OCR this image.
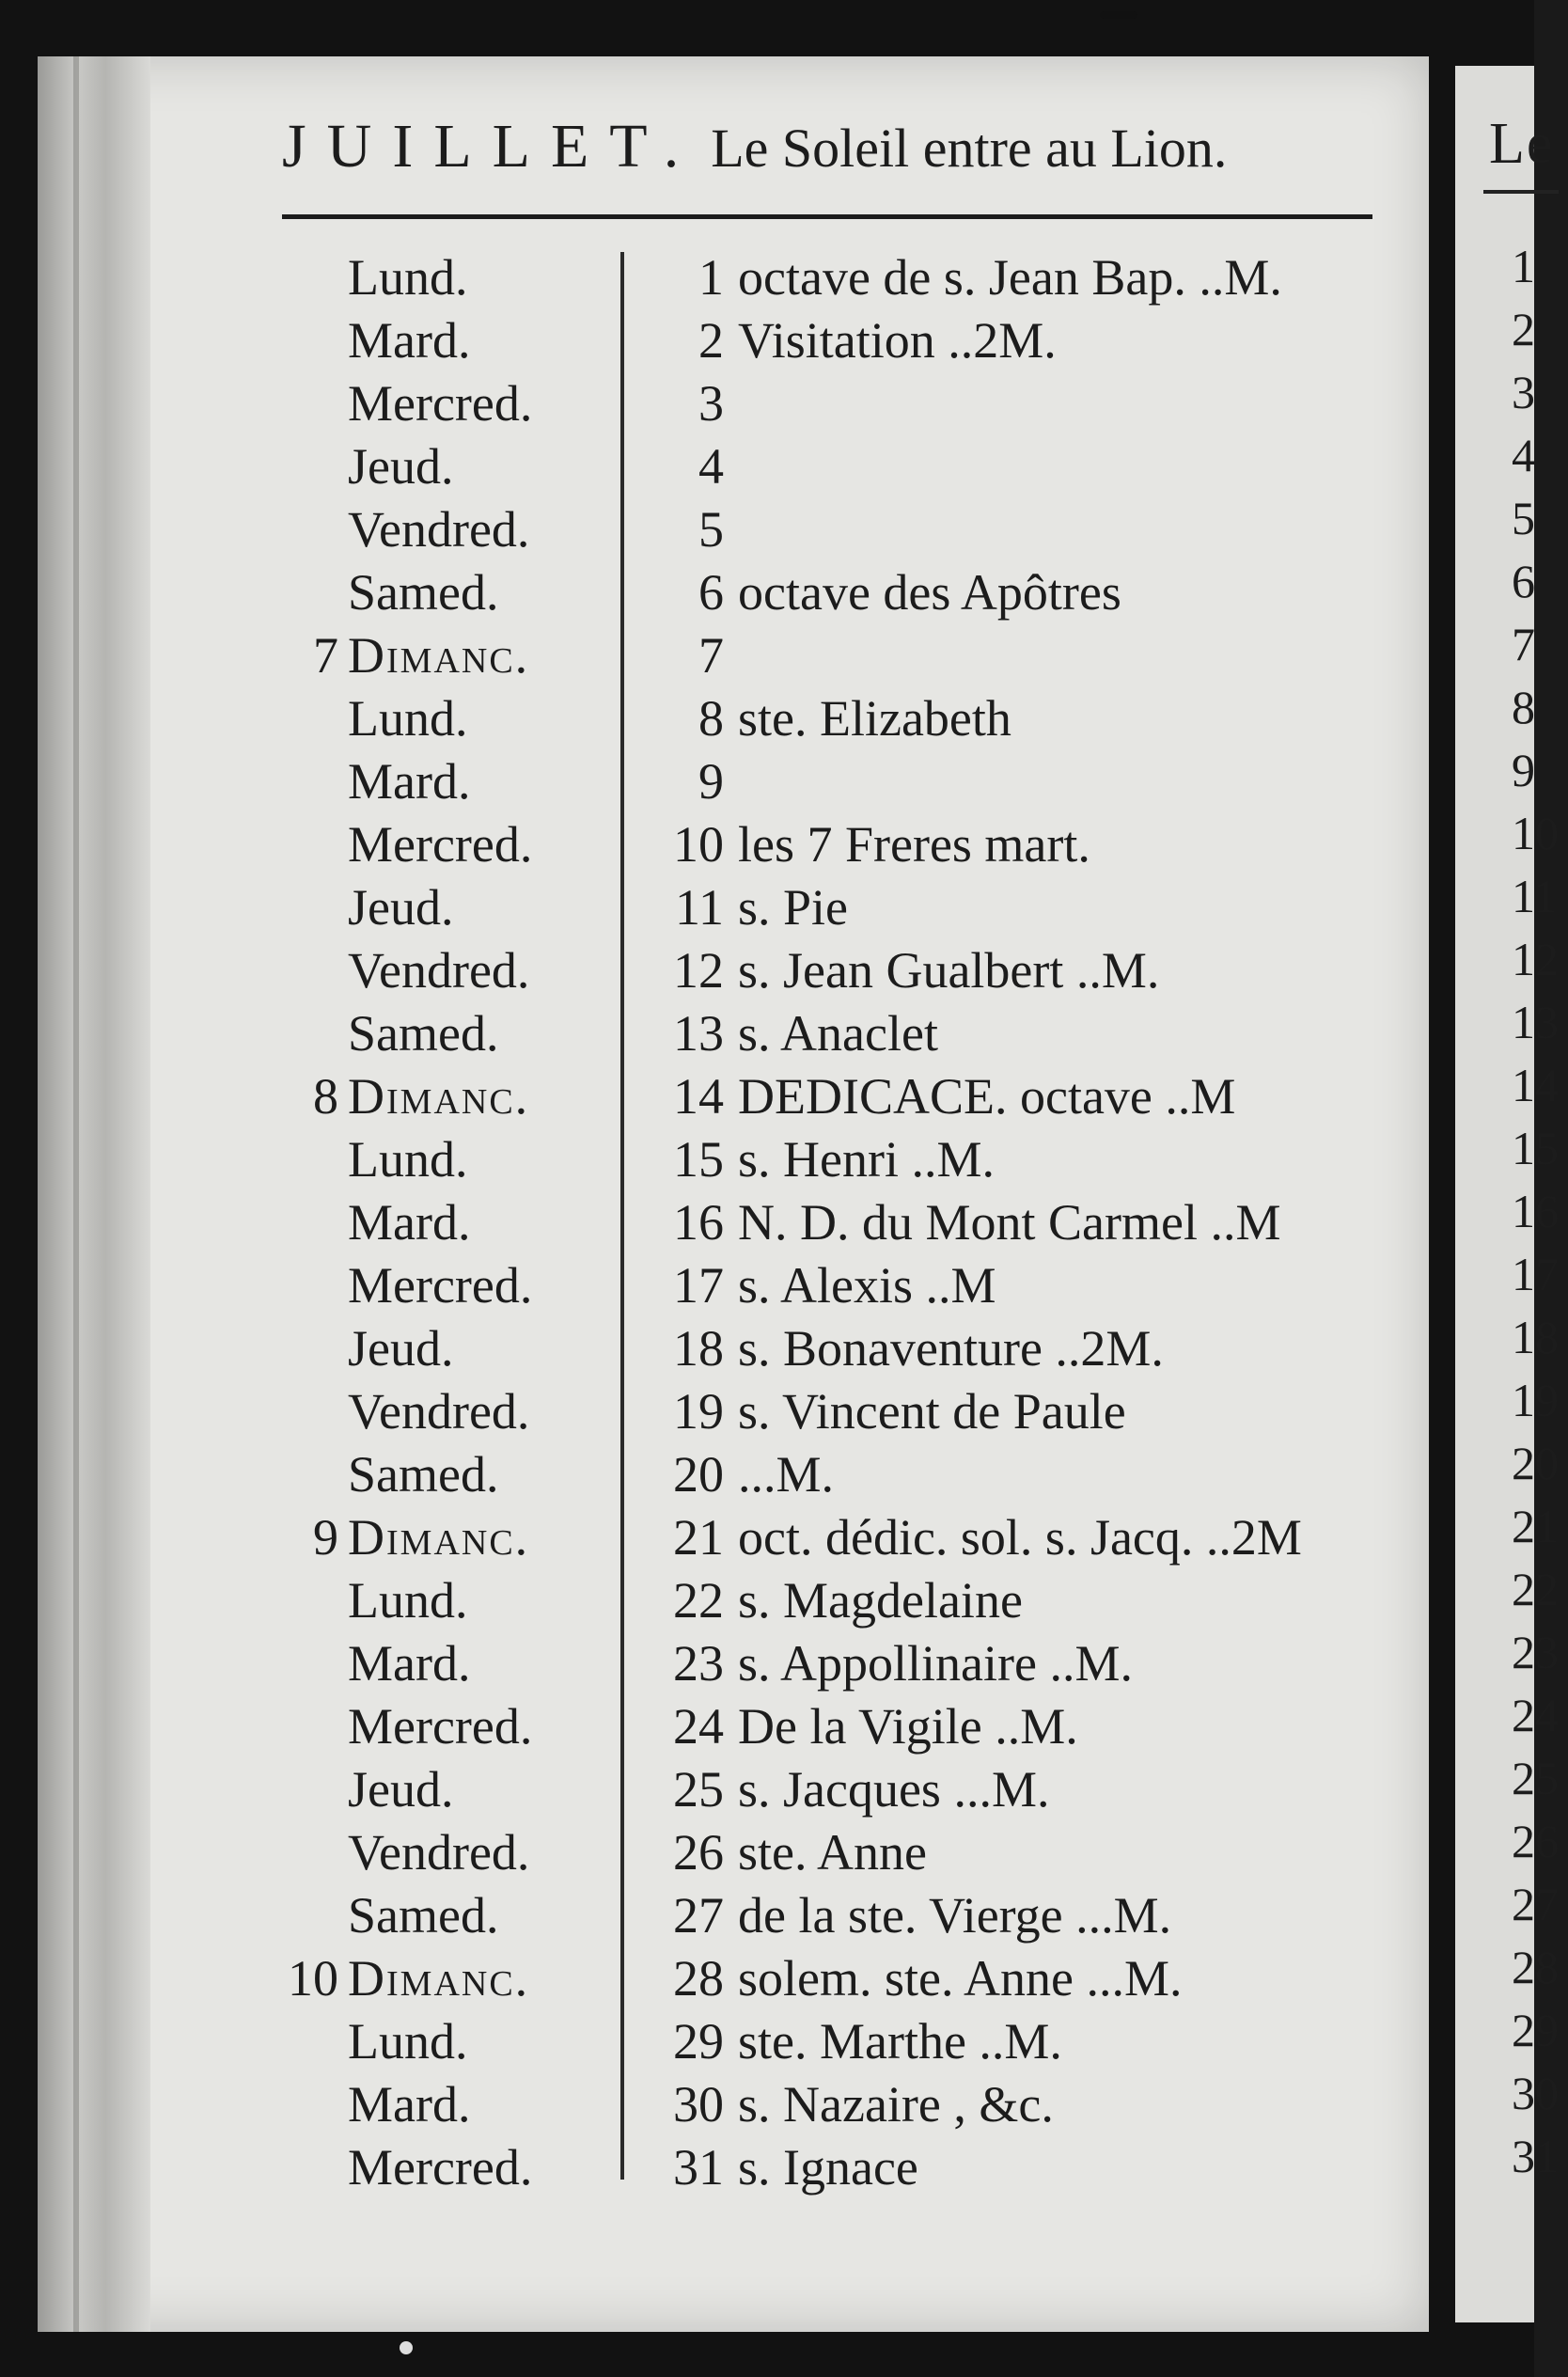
JUILLET. Le Soleil entre au Lion.
Lund.	1 octave de s. Jean Bap. ..M.
Mard.	2 Visitation ..2M.
Mercred.	3
Jeud.	4
Vendred.	5
Samed.	6 octave des Apôtres
7 Dimanc.	7
Lund.	8 ste. Elizabeth
Mard.	9
Mercred.	10 les 7 Freres mart.
Jeud.	11 s. Pie
Vendred.	12 s. Jean Gualbert ..M.
Samed.	13 s. Anaclet
8 Dimanc.	14 DEDICACE. octave ..M
Lund.	15 s. Henri ..M.
Mard.	16 N. D. du Mont Carmel ..M
Mercred.	17 s. Alexis ..M
Jeud.	18 s. Bonaventure ..2M.
Vendred.	19 s. Vincent de Paule
Samed.	20 ...M.
9 Dimanc.	21 oct. dédic. sol. s. Jacq. ..2M
Lund.	22 s. Magdelaine
Mard.	23 s. Appollinaire ..M.
Mercred.	24 De la Vigile ..M.
Jeud.	25 s. Jacques ...M.
Vendred.	26 ste. Anne
Samed.	27 de la ste. Vierge ...M.
10 Dimanc.	28 solem. ste. Anne ...M.
Lund.	29 ste. Marthe ..M.
Mard.	30 s. Nazaire , &c.
Mercred.	31 s. Ignace
Le
1
2
3
4
5
6
7
8
9
10
11
12
13
14
15
16
17
18
19
20
21
22
23
24
25
26
27
28
29
30
31
